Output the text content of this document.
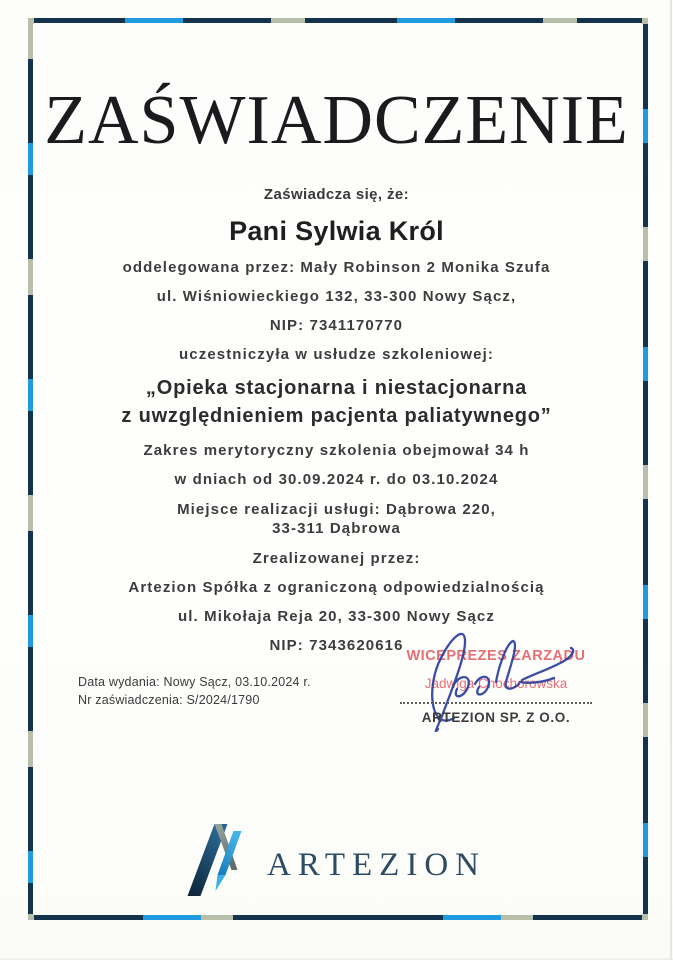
ZAŚWIADCZENIE
Zaświadcza się, że:
Pani Sylwia Król
oddelegowana przez: Mały Robinson 2 Monika Szufa
ul. Wiśniowieckiego 132, 33-300 Nowy Sącz,
NIP: 7341170770
uczestniczyła w usłudze szkoleniowej:
„Opieka stacjonarna i niestacjonarna
z uwzględnieniem pacjenta paliatywnego”
Zakres merytoryczny szkolenia obejmował 34 h
w dniach od 30.09.2024 r. do 03.10.2024
Miejsce realizacji usługi: Dąbrowa 220,
33-311 Dąbrowa
Zrealizowanej przez:
Artezion Spółka z ograniczoną odpowiedzialnością
ul. Mikołaja Reja 20, 33-300 Nowy Sącz
NIP: 7343620616
WICEPREZES ZARZĄDU
Jadwiga Chochorowska
ARTEZION SP. Z O.O.
Data wydania: Nowy Sącz, 03.10.2024 r.
Nr zaświadczenia: S/2024/1790
ARTEZION
